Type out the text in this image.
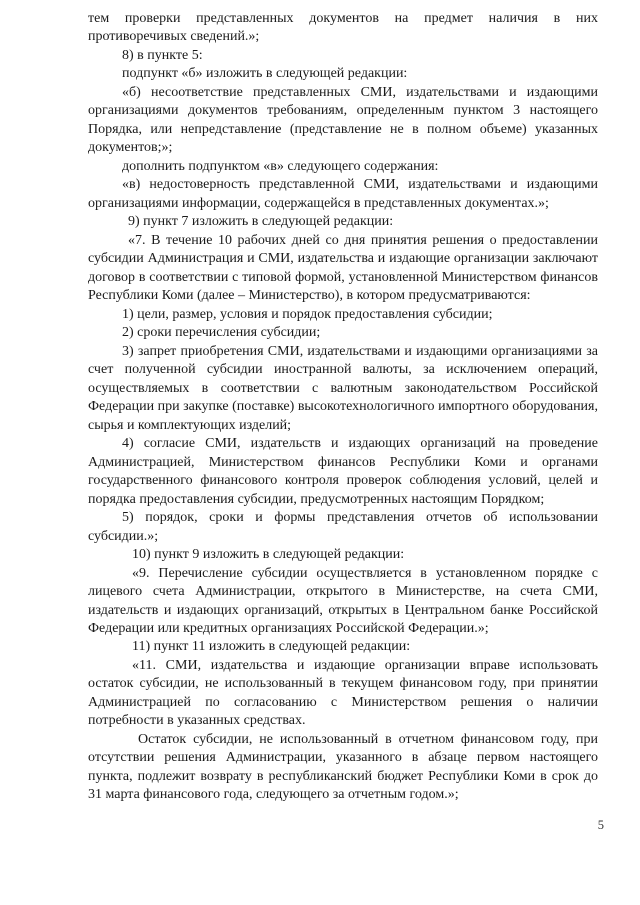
тем проверки представленных документов на предмет наличия в них противоречивых сведений.»;

8) в пункте 5:

подпункт «б» изложить в следующей редакции:

«б) несоответствие представленных СМИ, издательствами и издающими организациями документов требованиям, определенным пунктом 3 настоящего Порядка, или непредставление (представление не в полном объеме) указанных документов;»;

дополнить подпунктом «в» следующего содержания:

«в) недостоверность представленной СМИ, издательствами и издающими организациями информации, содержащейся в представленных документах.»;

9) пункт 7 изложить в следующей редакции:

«7. В течение 10 рабочих дней со дня принятия решения о предоставлении субсидии Администрация и СМИ, издательства и издающие организации заключают договор в соответствии с типовой формой, установленной Министерством финансов Республики Коми (далее – Министерство), в котором предусматриваются:

1) цели, размер, условия и порядок предоставления субсидии;

2) сроки перечисления субсидии;

3) запрет приобретения СМИ, издательствами и издающими организациями за счет полученной субсидии иностранной валюты, за исключением операций, осуществляемых в соответствии с валютным законодательством Российской Федерации при закупке (поставке) высокотехнологичного импортного оборудования, сырья и комплектующих изделий;

4) согласие СМИ, издательств и издающих организаций на проведение Администрацией, Министерством финансов Республики Коми и органами государственного финансового контроля проверок соблюдения условий, целей и порядка предоставления субсидии, предусмотренных настоящим Порядком;

5) порядок, сроки и формы представления отчетов об использовании субсидии.»;

10) пункт 9 изложить в следующей редакции:

«9. Перечисление субсидии осуществляется в установленном порядке с лицевого счета Администрации, открытого в Министерстве, на счета СМИ, издательств и издающих организаций, открытых в Центральном банке Российской Федерации или кредитных организациях Российской Федерации.»;

11) пункт 11 изложить в следующей редакции:

«11. СМИ, издательства и издающие организации вправе использовать остаток субсидии, не использованный в текущем финансовом году, при принятии Администрацией по согласованию с Министерством решения о наличии потребности в указанных средствах.

Остаток субсидии, не использованный в отчетном финансовом году, при отсутствии решения Администрации, указанного в абзаце первом настоящего пункта, подлежит возврату в республиканский бюджет Республики Коми в срок до 31 марта финансового года, следующего за отчетным годом.»;

5
